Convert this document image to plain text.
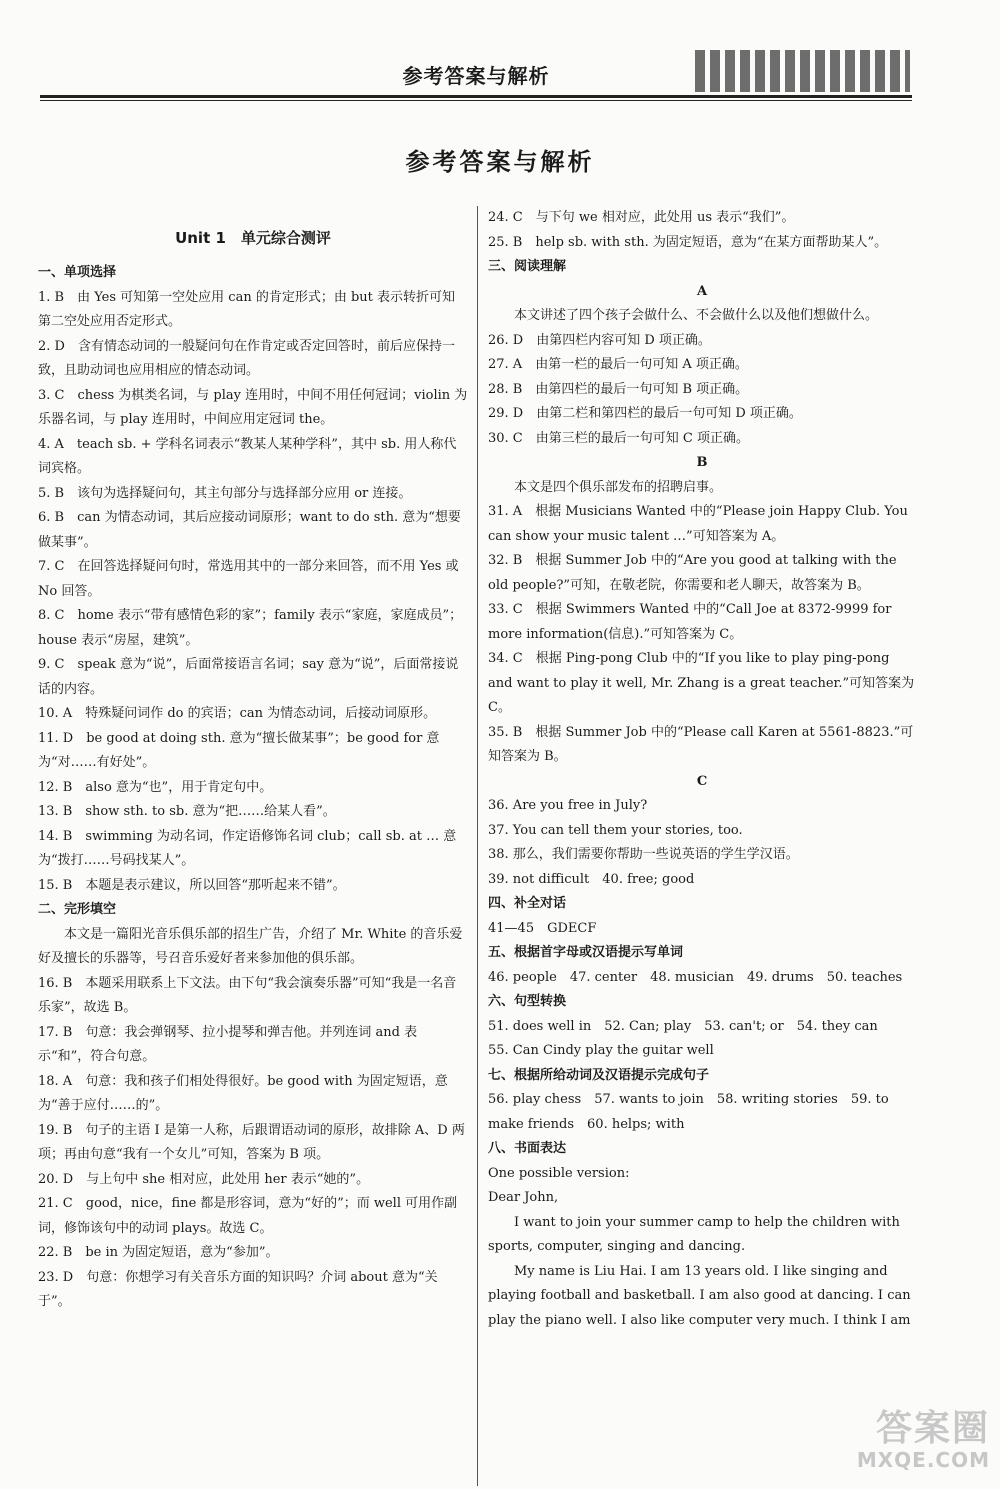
参考答案与解析
参考答案与解析
Unit 1　单元综合测评

一、单项选择

1. B　由 Yes 可知第一空处应用 can 的肯定形式；由 but 表示转折可知第二空处应用否定形式。

2. D　含有情态动词的一般疑问句在作肯定或否定回答时，前后应保持一致，且助动词也应用相应的情态动词。

3. C　chess 为棋类名词，与 play 连用时，中间不用任何冠词；violin 为乐器名词，与 play 连用时，中间应用定冠词 the。

4. A　teach sb. + 学科名词表示“教某人某种学科”，其中 sb. 用人称代词宾格。

5. B　该句为选择疑问句，其主句部分与选择部分应用 or 连接。

6. B　can 为情态动词，其后应接动词原形；want to do sth. 意为“想要做某事”。

7. C　在回答选择疑问句时，常选用其中的一部分来回答，而不用 Yes 或 No 回答。

8. C　home 表示“带有感情色彩的家”；family 表示“家庭，家庭成员”；house 表示“房屋，建筑”。

9. C　speak 意为“说”，后面常接语言名词；say 意为“说”，后面常接说话的内容。

10. A　特殊疑问词作 do 的宾语；can 为情态动词，后接动词原形。

11. D　be good at doing sth. 意为“擅长做某事”；be good for 意为“对……有好处”。

12. B　also 意为“也”，用于肯定句中。

13. B　show sth. to sb. 意为“把……给某人看”。

14. B　swimming 为动名词，作定语修饰名词 club；call sb. at … 意为“拨打……号码找某人”。

15. B　本题是表示建议，所以回答“那听起来不错”。

二、完形填空

本文是一篇阳光音乐俱乐部的招生广告，介绍了 Mr. White 的音乐爱好及擅长的乐器等，号召音乐爱好者来参加他的俱乐部。

16. B　本题采用联系上下文法。由下句“我会演奏乐器”可知“我是一名音乐家”，故选 B。

17. B　句意：我会弹钢琴、拉小提琴和弹吉他。并列连词 and 表示“和”，符合句意。

18. A　句意：我和孩子们相处得很好。be good with 为固定短语，意为“善于应付……的”。

19. B　句子的主语 I 是第一人称，后跟谓语动词的原形，故排除 A、D 两项；再由句意“我有一个女儿”可知，答案为 B 项。

20. D　与上句中 she 相对应，此处用 her 表示“她的”。

21. C　good，nice，fine 都是形容词，意为“好的”；而 well 可用作副词，修饰该句中的动词 plays。故选 C。

22. B　be in 为固定短语，意为“参加”。

23. D　句意：你想学习有关音乐方面的知识吗？介词 about 意为“关于”。

24. C　与下句 we 相对应，此处用 us 表示“我们”。

25. B　help sb. with sth. 为固定短语，意为“在某方面帮助某人”。

三、阅读理解

A

本文讲述了四个孩子会做什么、不会做什么以及他们想做什么。

26. D　由第四栏内容可知 D 项正确。

27. A　由第一栏的最后一句可知 A 项正确。

28. B　由第四栏的最后一句可知 B 项正确。

29. D　由第二栏和第四栏的最后一句可知 D 项正确。

30. C　由第三栏的最后一句可知 C 项正确。

B

本文是四个俱乐部发布的招聘启事。

31. A　根据 Musicians Wanted 中的“Please join Happy Club. You can show your music talent …”可知答案为 A。

32. B　根据 Summer Job 中的“Are you good at talking with the old people?”可知，在敬老院，你需要和老人聊天，故答案为 B。

33. C　根据 Swimmers Wanted 中的“Call Joe at 8372-9999 for more information(信息).”可知答案为 C。

34. C　根据 Ping-pong Club 中的“If you like to play ping-pong and want to play it well, Mr. Zhang is a great teacher.”可知答案为 C。

35. B　根据 Summer Job 中的“Please call Karen at 5561-8823.”可知答案为 B。

C

36. Are you free in July?

37. You can tell them your stories, too.

38. 那么，我们需要你帮助一些说英语的学生学汉语。

39. not difficult　40. free; good

四、补全对话

41—45　GDECF

五、根据首字母或汉语提示写单词

46. people　47. center　48. musician　49. drums　50. teaches

六、句型转换

51. does well in　52. Can; play　53. can't; or　54. they can

55. Can Cindy play the guitar well

七、根据所给动词及汉语提示完成句子

56. play chess　57. wants to join　58. writing stories　59. to make friends　60. helps; with

八、书面表达

One possible version:

Dear John,

I want to join your summer camp to help the children with sports, computer, singing and dancing.

My name is Liu Hai. I am 13 years old. I like singing and playing football and basketball. I am also good at dancing. I can play the piano well. I also like computer very much. I think I am

答案圈
MXQE.COM
